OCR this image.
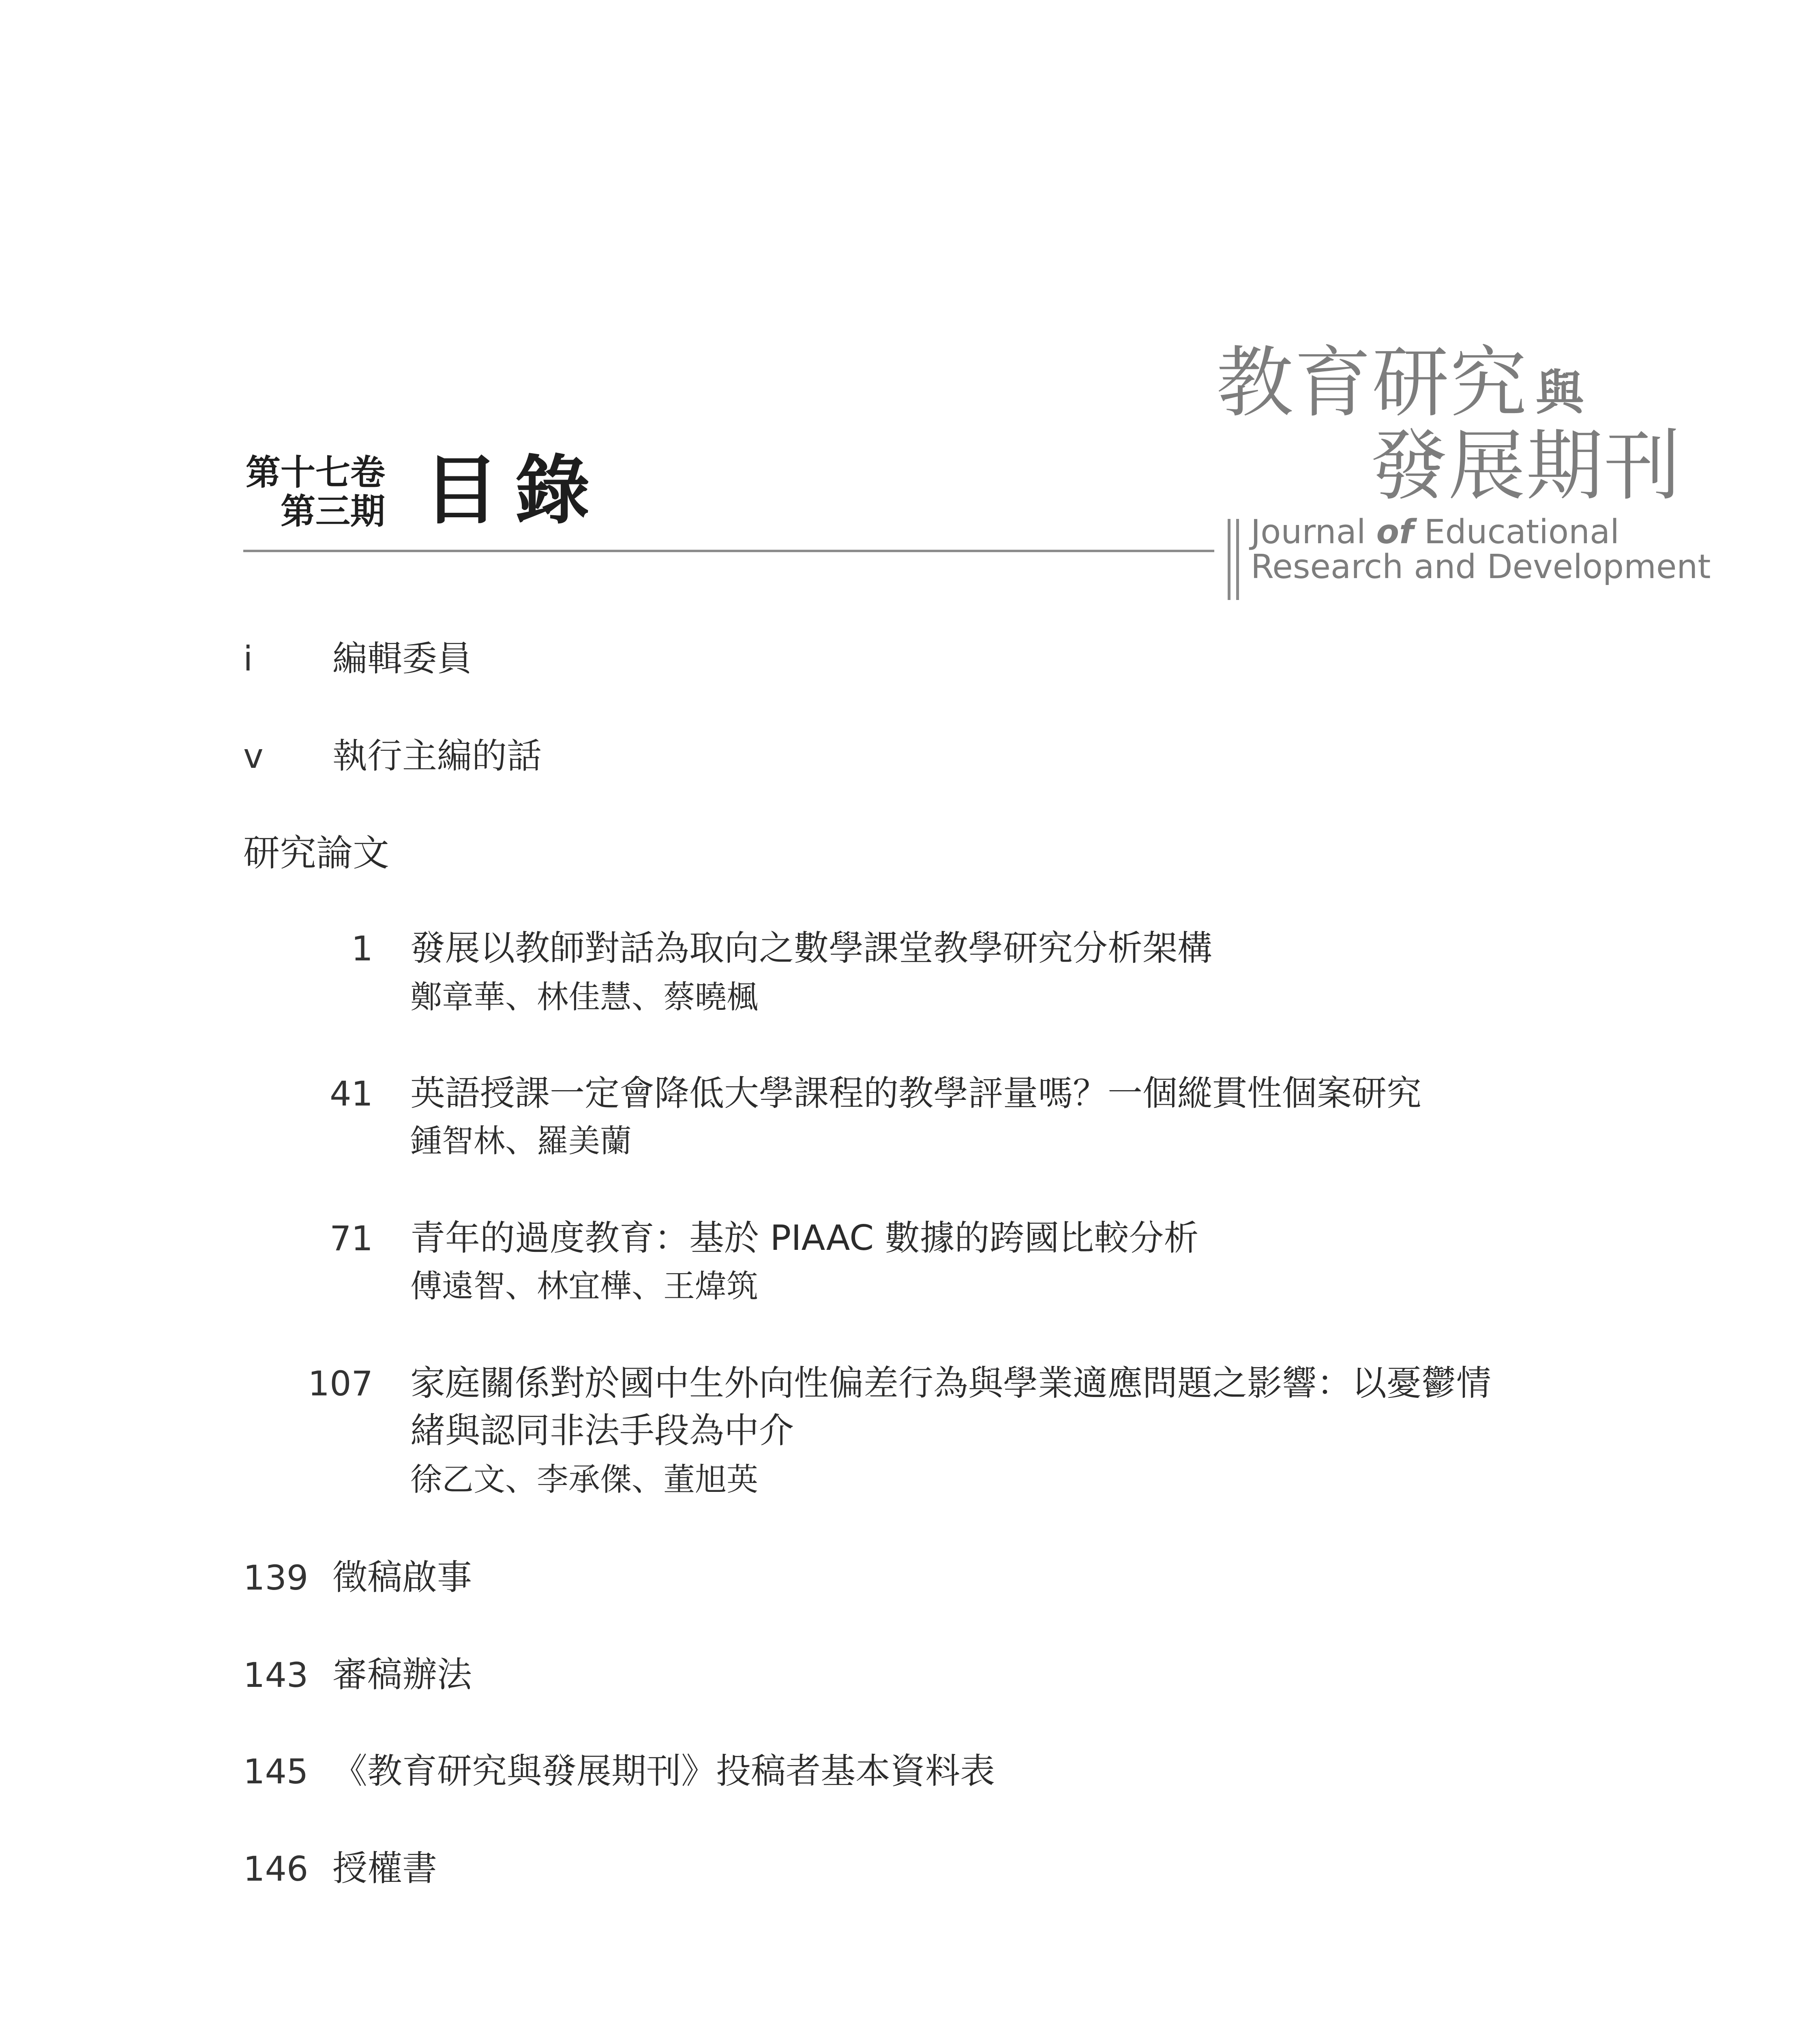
教育研究 與
發展期刊
Journal of Educational
Research and Development
第十七卷
第三期 目錄
i 編輯委員
v 執行主編的話
研究論文
1 發展以教師對話為取向之數學課堂教學研究分析架構
鄭章華、林佳慧、蔡曉楓
41 英語授課一定會降低大學課程的教學評量嗎？一個縱貫性個案研究
鍾智林、羅美蘭
71 青年的過度教育：基於 PIAAC 數據的跨國比較分析
傅遠智、林宜樺、王煒筑
107 家庭關係對於國中生外向性偏差行為與學業適應問題之影響：以憂鬱情
緒與認同非法手段為中介
徐乙文、李承傑、董旭英
139 徵稿啟事
143 審稿辦法
145 《教育研究與發展期刊》投稿者基本資料表
146 授權書
